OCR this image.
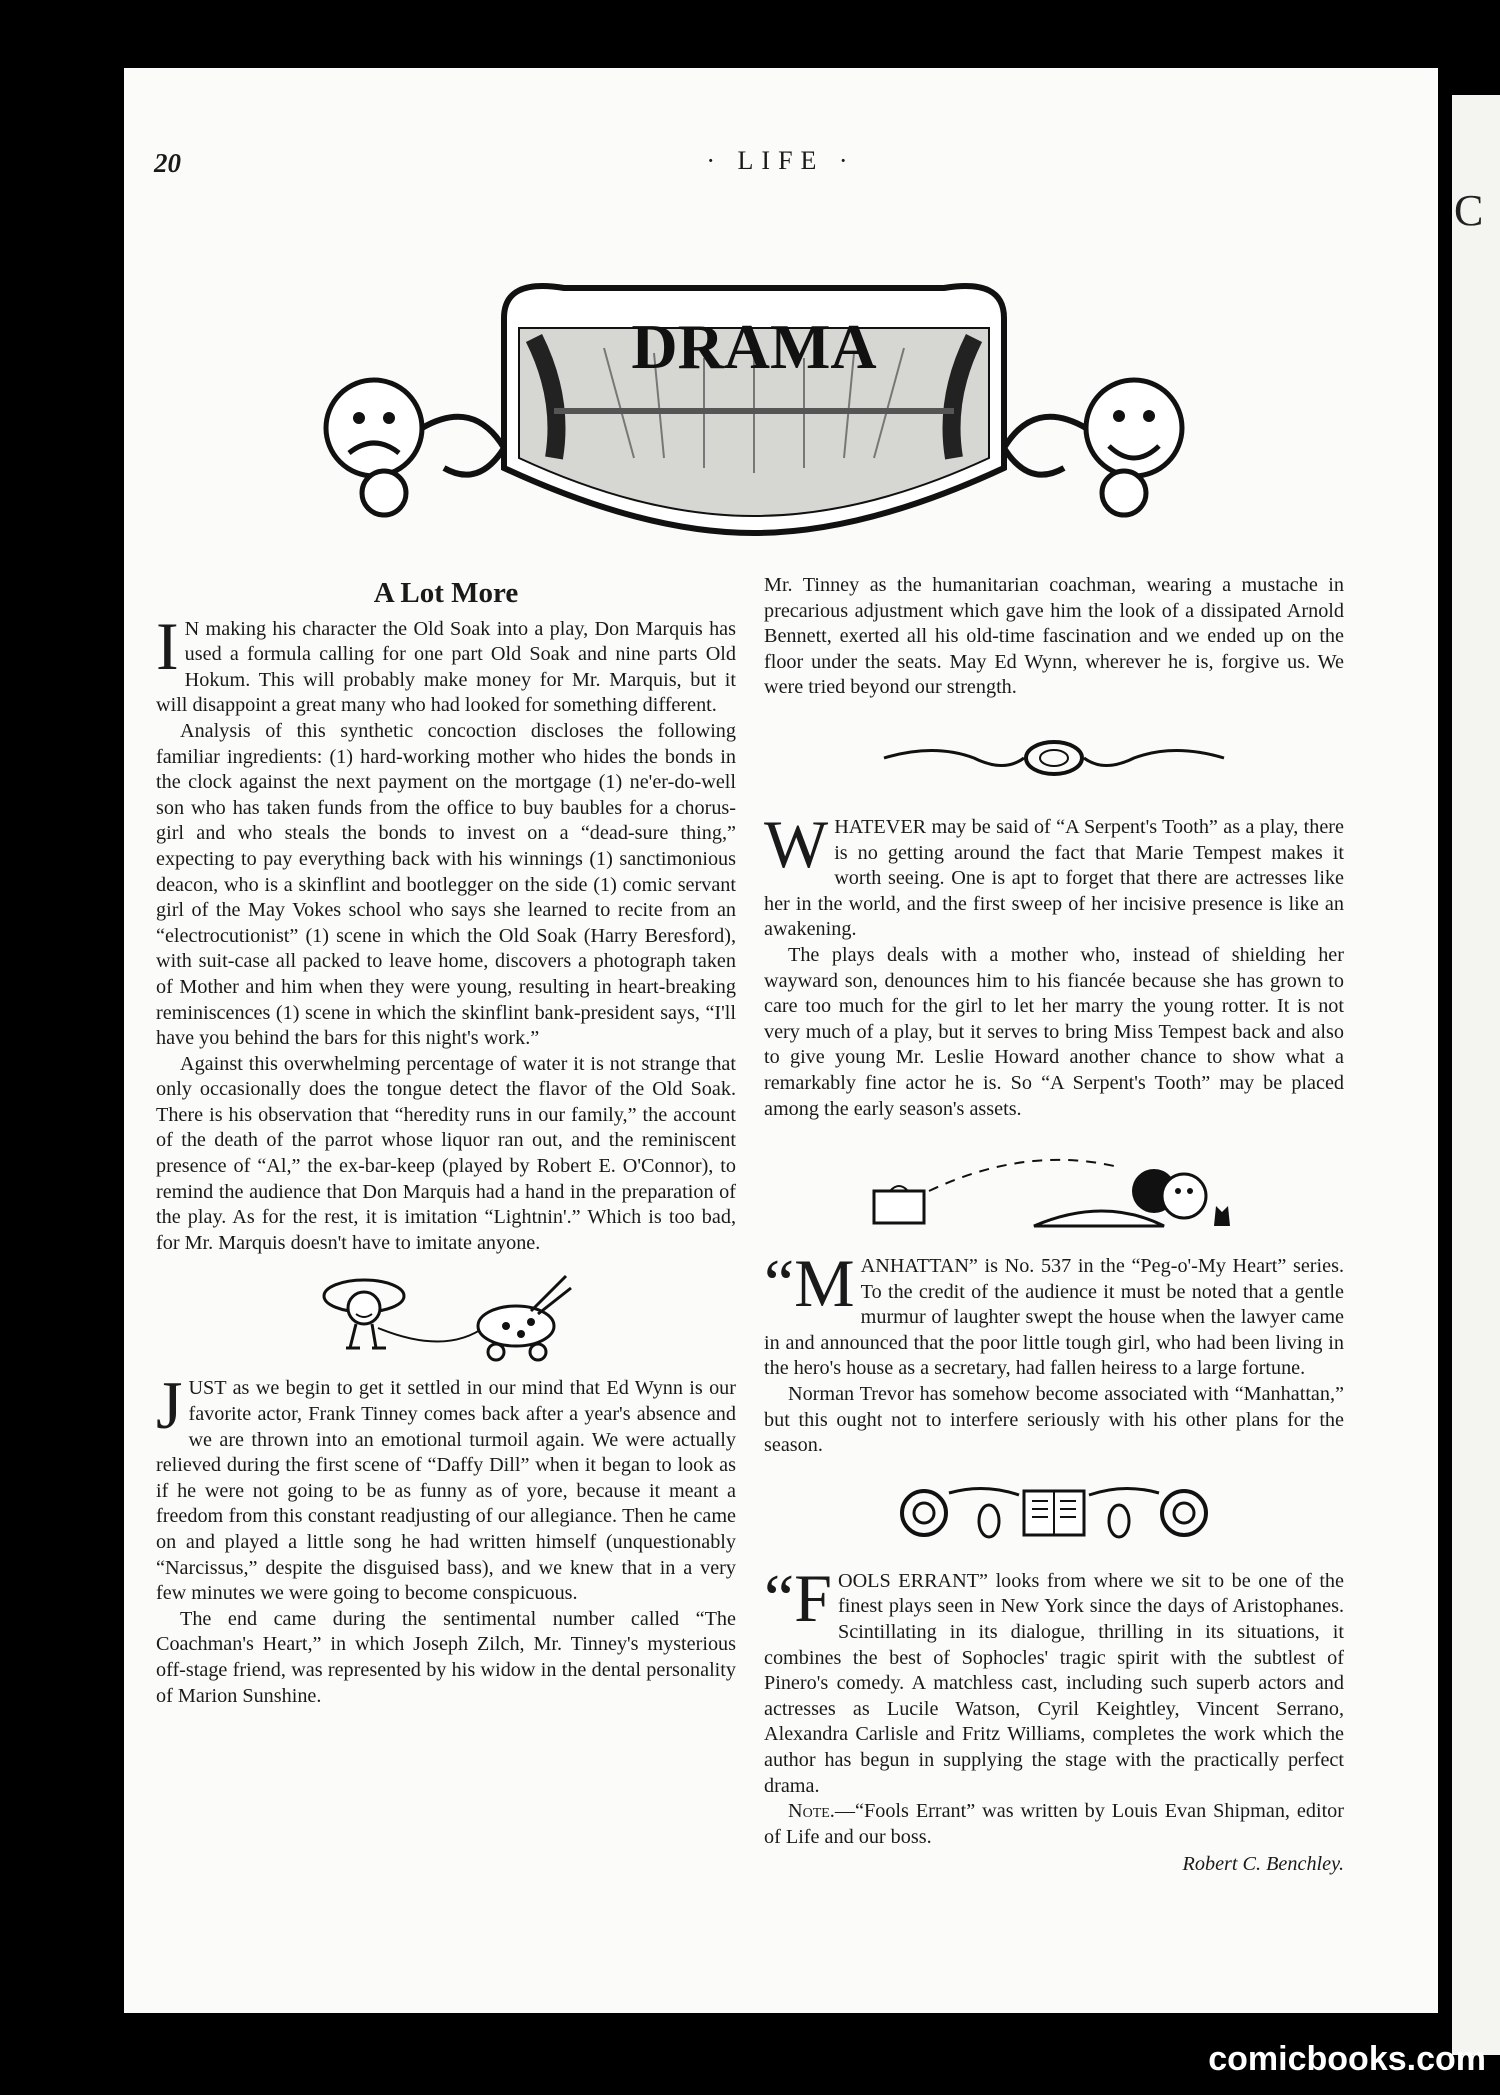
20	· LIFE ·
DRAMA
A Lot More

I N making his character the Old Soak into a play, Don Marquis has used a formula calling for one part Old Soak and nine parts Old Hokum. This will probably make money for Mr. Marquis, but it will disappoint a great many who had looked for something different.

Analysis of this synthetic concoction discloses the following familiar ingredients: (1) hard-working mother who hides the bonds in the clock against the next payment on the mortgage (1) ne'er-do-well son who has taken funds from the office to buy baubles for a chorus-girl and who steals the bonds to invest on a “dead-sure thing,” expecting to pay everything back with his winnings (1) sanctimonious deacon, who is a skinflint and bootlegger on the side (1) comic servant girl of the May Vokes school who says she learned to recite from an “electrocutionist” (1) scene in which the Old Soak (Harry Beresford), with suit-case all packed to leave home, discovers a photograph taken of Mother and him when they were young, resulting in heart-breaking reminiscences (1) scene in which the skinflint bank-president says, “I'll have you behind the bars for this night's work.”

Against this overwhelming percentage of water it is not strange that only occasionally does the tongue detect the flavor of the Old Soak. There is his observation that “heredity runs in our family,” the account of the death of the parrot whose liquor ran out, and the reminiscent presence of “Al,” the ex-bar-keep (played by Robert E. O'Connor), to remind the audience that Don Marquis had a hand in the preparation of the play. As for the rest, it is imitation “Lightnin'.” Which is too bad, for Mr. Marquis doesn't have to imitate anyone.

JUST as we begin to get it settled in our mind that Ed Wynn is our favorite actor, Frank Tinney comes back after a year's absence and we are thrown into an emotional turmoil again. We were actually relieved during the first scene of “Daffy Dill” when it began to look as if he were not going to be as funny as of yore, because it meant a freedom from this constant readjusting of our allegiance. Then he came on and played a little song he had written himself (unquestionably “Narcissus,” despite the disguised bass), and we knew that in a very few minutes we were going to become conspicuous.

The end came during the sentimental number called “The Coachman's Heart,” in which Joseph Zilch, Mr. Tinney's mysterious off-stage friend, was represented by his widow in the dental personality of Marion Sunshine.

Mr. Tinney as the humanitarian coachman, wearing a mustache in precarious adjustment which gave him the look of a dissipated Arnold Bennett, exerted all his old-time fascination and we ended up on the floor under the seats. May Ed Wynn, wherever he is, forgive us. We were tried beyond our strength.

WHATEVER may be said of “A Serpent's Tooth” as a play, there is no getting around the fact that Marie Tempest makes it worth seeing. One is apt to forget that there are actresses like her in the world, and the first sweep of her incisive presence is like an awakening.

The plays deals with a mother who, instead of shielding her wayward son, denounces him to his fiancée because she has grown to care too much for the girl to let her marry the young rotter. It is not very much of a play, but it serves to bring Miss Tempest back and also to give young Mr. Leslie Howard another chance to show what a remarkably fine actor he is. So “A Serpent's Tooth” may be placed among the early season's assets.

“MANHATTAN” is No. 537 in the “Peg-o'-My Heart” series. To the credit of the audience it must be noted that a gentle murmur of laughter swept the house when the lawyer came in and announced that the poor little tough girl, who had been living in the hero's house as a secretary, had fallen heiress to a large fortune.

Norman Trevor has somehow become associated with “Manhattan,” but this ought not to interfere seriously with his other plans for the season.

“FOOLS ERRANT” looks from where we sit to be one of the finest plays seen in New York since the days of Aristophanes. Scintillating in its dialogue, thrilling in its situations, it combines the best of Sophocles' tragic spirit with the subtlest of Pinero's comedy. A matchless cast, including such superb actors and actresses as Lucile Watson, Cyril Keightley, Vincent Serrano, Alexandra Carlisle and Fritz Williams, completes the work which the author has begun in supplying the stage with the practically perfect drama.

Note.—“Fools Errant” was written by Louis Evan Shipman, editor of Life and our boss.

Robert C. Benchley.
C
comicbooks.com
